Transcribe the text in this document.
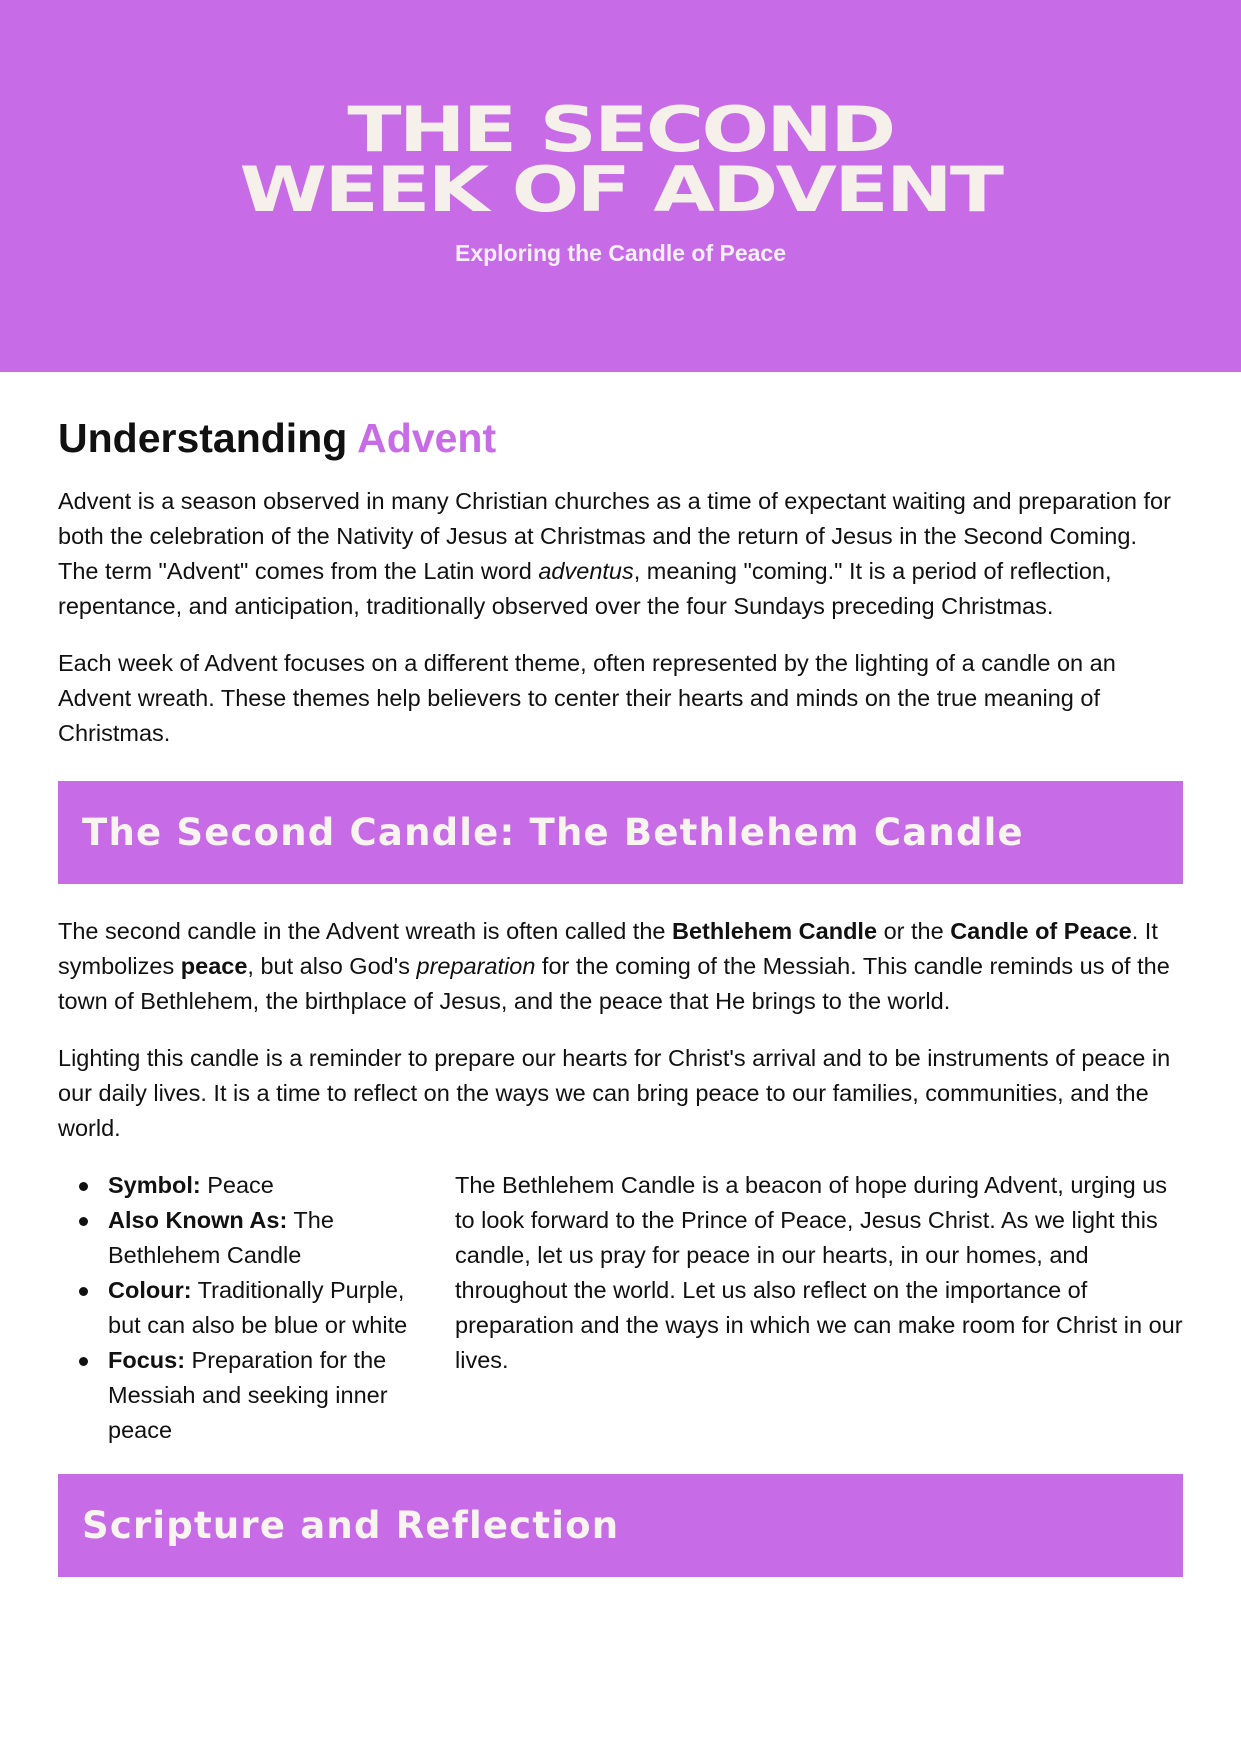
THE SECOND
WEEK OF ADVENT
Exploring the Candle of Peace
Understanding Advent

Advent is a season observed in many Christian churches as a time of expectant waiting and preparation for both the celebration of the Nativity of Jesus at Christmas and the return of Jesus in the Second Coming. The term "Advent" comes from the Latin word adventus, meaning "coming." It is a period of reflection, repentance, and anticipation, traditionally observed over the four Sundays preceding Christmas.

Each week of Advent focuses on a different theme, often represented by the lighting of a candle on an Advent wreath. These themes help believers to center their hearts and minds on the true meaning of Christmas.

The Second Candle: The Bethlehem Candle

The second candle in the Advent wreath is often called the Bethlehem Candle or the Candle of Peace. It symbolizes peace, but also God's preparation for the coming of the Messiah. This candle reminds us of the town of Bethlehem, the birthplace of Jesus, and the peace that He brings to the world.

Lighting this candle is a reminder to prepare our hearts for Christ's arrival and to be instruments of peace in our daily lives. It is a time to reflect on the ways we can bring peace to our families, communities, and the world.

Symbol: Peace
Also Known As: The Bethlehem Candle
Colour: Traditionally Purple, but can also be blue or white
Focus: Preparation for the Messiah and seeking inner peace
The Bethlehem Candle is a beacon of hope during Advent, urging us to look forward to the Prince of Peace, Jesus Christ. As we light this candle, let us pray for peace in our hearts, in our homes, and throughout the world. Let us also reflect on the importance of preparation and the ways in which we can make room for Christ in our lives.
Scripture and Reflection
